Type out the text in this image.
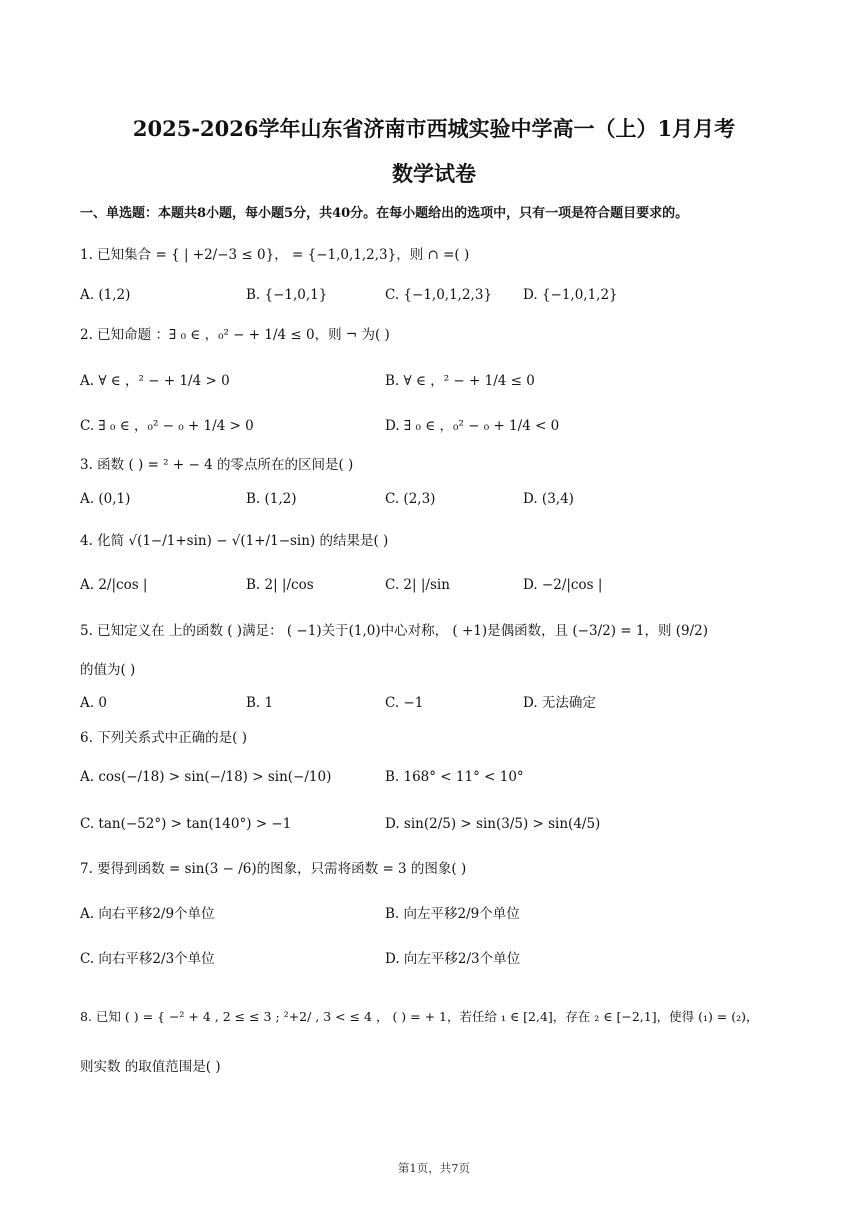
2025-2026学年山东省济南市西城实验中学高一（上）1月月考
数学试卷
一、单选题：本题共8小题，每小题5分，共40分。在每小题给出的选项中，只有一项是符合题目要求的。
1. 已知集合 = { | +2/−3 ≤ 0}， = {−1,0,1,2,3}，则 ∩ =( )
A. (1,2)	B. {−1,0,1}	C. {−1,0,1,2,3} D. {−1,0,1,2}
2. 已知命题 ：∃ ₀ ∈ ，₀² − + 1/4 ≤ 0，则 ¬ 为( )
A. ∀ ∈ ，² − + 1/4 > 0	B. ∀ ∈ ，² − + 1/4 ≤ 0
C. ∃ ₀ ∈ ，₀² − ₀ + 1/4 > 0	D. ∃ ₀ ∈ ，₀² − ₀ + 1/4 < 0
3. 函数 ( ) = ² + − 4 的零点所在的区间是( )
A. (0,1)	B. (1,2)	C. (2,3)	D. (3,4)
4. 化简 √(1−/1+sin) − √(1+/1−sin) 的结果是( )
A. 2/|cos |	B. 2| |/cos	C. 2| |/sin	D. −2/|cos |
5. 已知定义在 上的函数 ( )满足： ( −1)关于(1,0)中心对称， ( +1)是偶函数，且 (−3/2) = 1，则 (9/2)
的值为( )
A. 0	B. 1	C. −1	D. 无法确定
6. 下列关系式中正确的是( )
A. cos(−/18) > sin(−/18) > sin(−/10)	B. 168° < 11° < 10°
C. tan(−52°) > tan(140°) > −1	D. sin(2/5) > sin(3/5) > sin(4/5)
7. 要得到函数 = sin(3 − /6)的图象，只需将函数 = 3 的图象( )
A. 向右平移2/9个单位	B. 向左平移2/9个单位
C. 向右平移2/3个单位	D. 向左平移2/3个单位
8. 已知 ( ) = { −² + 4 , 2 ≤ ≤ 3 ; ²+2/ , 3 < ≤ 4 ， ( ) = + 1，若任给 ₁ ∈ [2,4]，存在 ₂ ∈ [−2,1]，使得 (₁) = (₂)，
则实数 的取值范围是( )
第1页，共7页
